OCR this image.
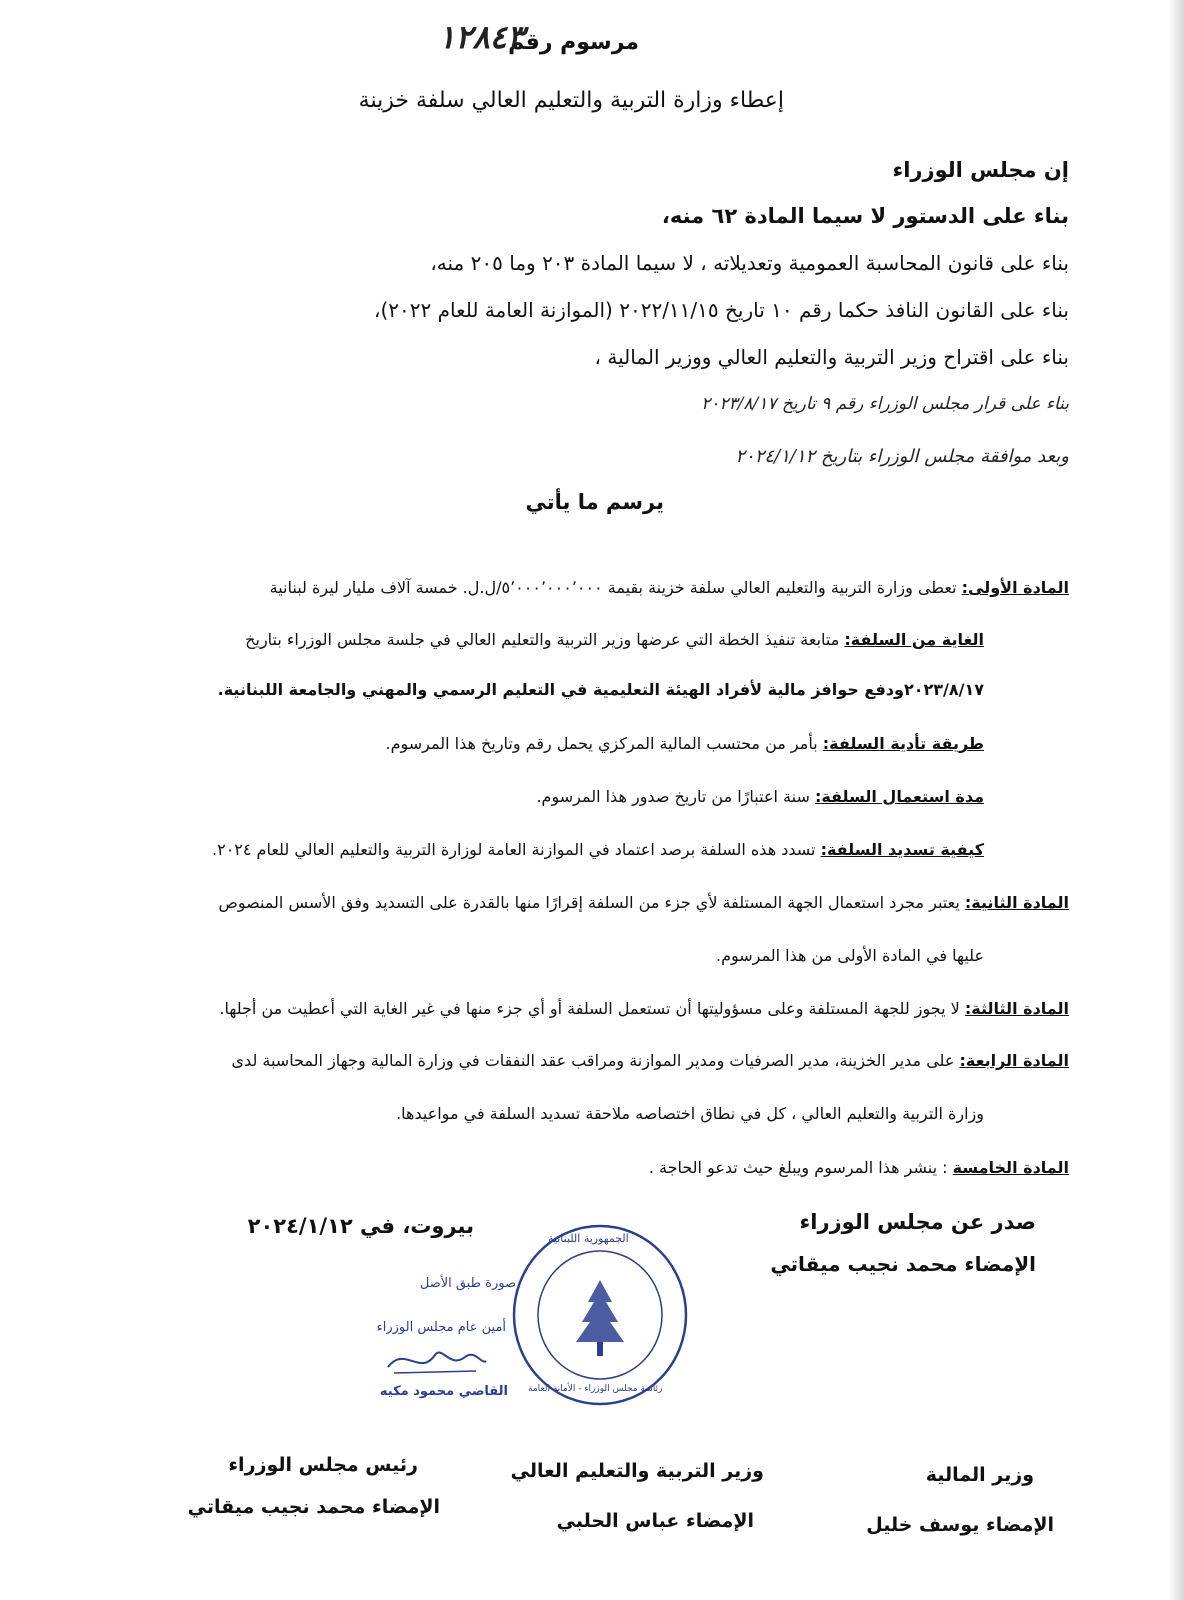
مرسوم رقم
١٢٨٤٣
إعطاء وزارة التربية والتعليم العالي سلفة خزينة
إن مجلس الوزراء
بناء على الدستور لا سيما المادة ٦٢ منه،
بناء على قانون المحاسبة العمومية وتعديلاته ، لا سيما المادة ٢٠٣ وما ٢٠٥ منه،
بناء على القانون النافذ حكما رقم ١٠ تاريخ ٢٠٢٢/١١/١٥ (الموازنة العامة للعام ٢٠٢٢)،
بناء على اقتراح وزير التربية والتعليم العالي ووزير المالية ،
بناء على قرار مجلس الوزراء رقم ٩ تاريخ ٢٠٢٣/٨/١٧
وبعد موافقة مجلس الوزراء بتاريخ ٢٠٢٤/١/١٢
يرسم ما يأتي
المادة الأولى: تعطى وزارة التربية والتعليم العالي سلفة خزينة بقيمة ٥٬٠٠٠٬٠٠٠٬٠٠٠/ل.ل. خمسة آلاف مليار ليرة لبنانية
الغاية من السلفة: متابعة تنفيذ الخطة التي عرضها وزير التربية والتعليم العالي في جلسة مجلس الوزراء بتاريخ
٢٠٢٣/٨/١٧ودفع حوافز مالية لأفراد الهيئة التعليمية في التعليم الرسمي والمهني والجامعة اللبنانية.
طريقة تأدية السلفة: بأمر من محتسب المالية المركزي يحمل رقم وتاريخ هذا المرسوم.
مدة استعمال السلفة: سنة اعتبارًا من تاريخ صدور هذا المرسوم.
كيفية تسديد السلفة: تسدد هذه السلفة برصد اعتماد في الموازنة العامة لوزارة التربية والتعليم العالي للعام ٢٠٢٤.
المادة الثانية: يعتبر مجرد استعمال الجهة المستلفة لأي جزء من السلفة إقرارًا منها بالقدرة على التسديد وفق الأسس المنصوص
عليها في المادة الأولى من هذا المرسوم.
المادة الثالثة: لا يجوز للجهة المستلفة وعلى مسؤوليتها أن تستعمل السلفة أو أي جزء منها في غير الغاية التي أعطيت من أجلها.
المادة الرابعة: على مدير الخزينة، مدير الصرفيات ومدير الموازنة ومراقب عقد النفقات في وزارة المالية وجهاز المحاسبة لدى
وزارة التربية والتعليم العالي ، كل في نطاق اختصاصه ملاحقة تسديد السلفة في مواعيدها.
المادة الخامسة : ينشر هذا المرسوم ويبلغ حيث تدعو الحاجة .
بيروت، في ٢٠٢٤/١/١٢	صدر عن مجلس الوزراء
الإمضاء محمد نجيب ميقاتي
الجمهورية اللبنانية
رئاسة مجلس الوزراء - الأمانة العامة
صورة طبق الأصل
أمين عام مجلس الوزراء
القاضي محمود مكيه
رئيس مجلس الوزراء
الإمضاء محمد نجيب ميقاتي
وزير التربية والتعليم العالي
الإمضاء عباس الحلبي
وزير المالية
الإمضاء يوسف خليل
